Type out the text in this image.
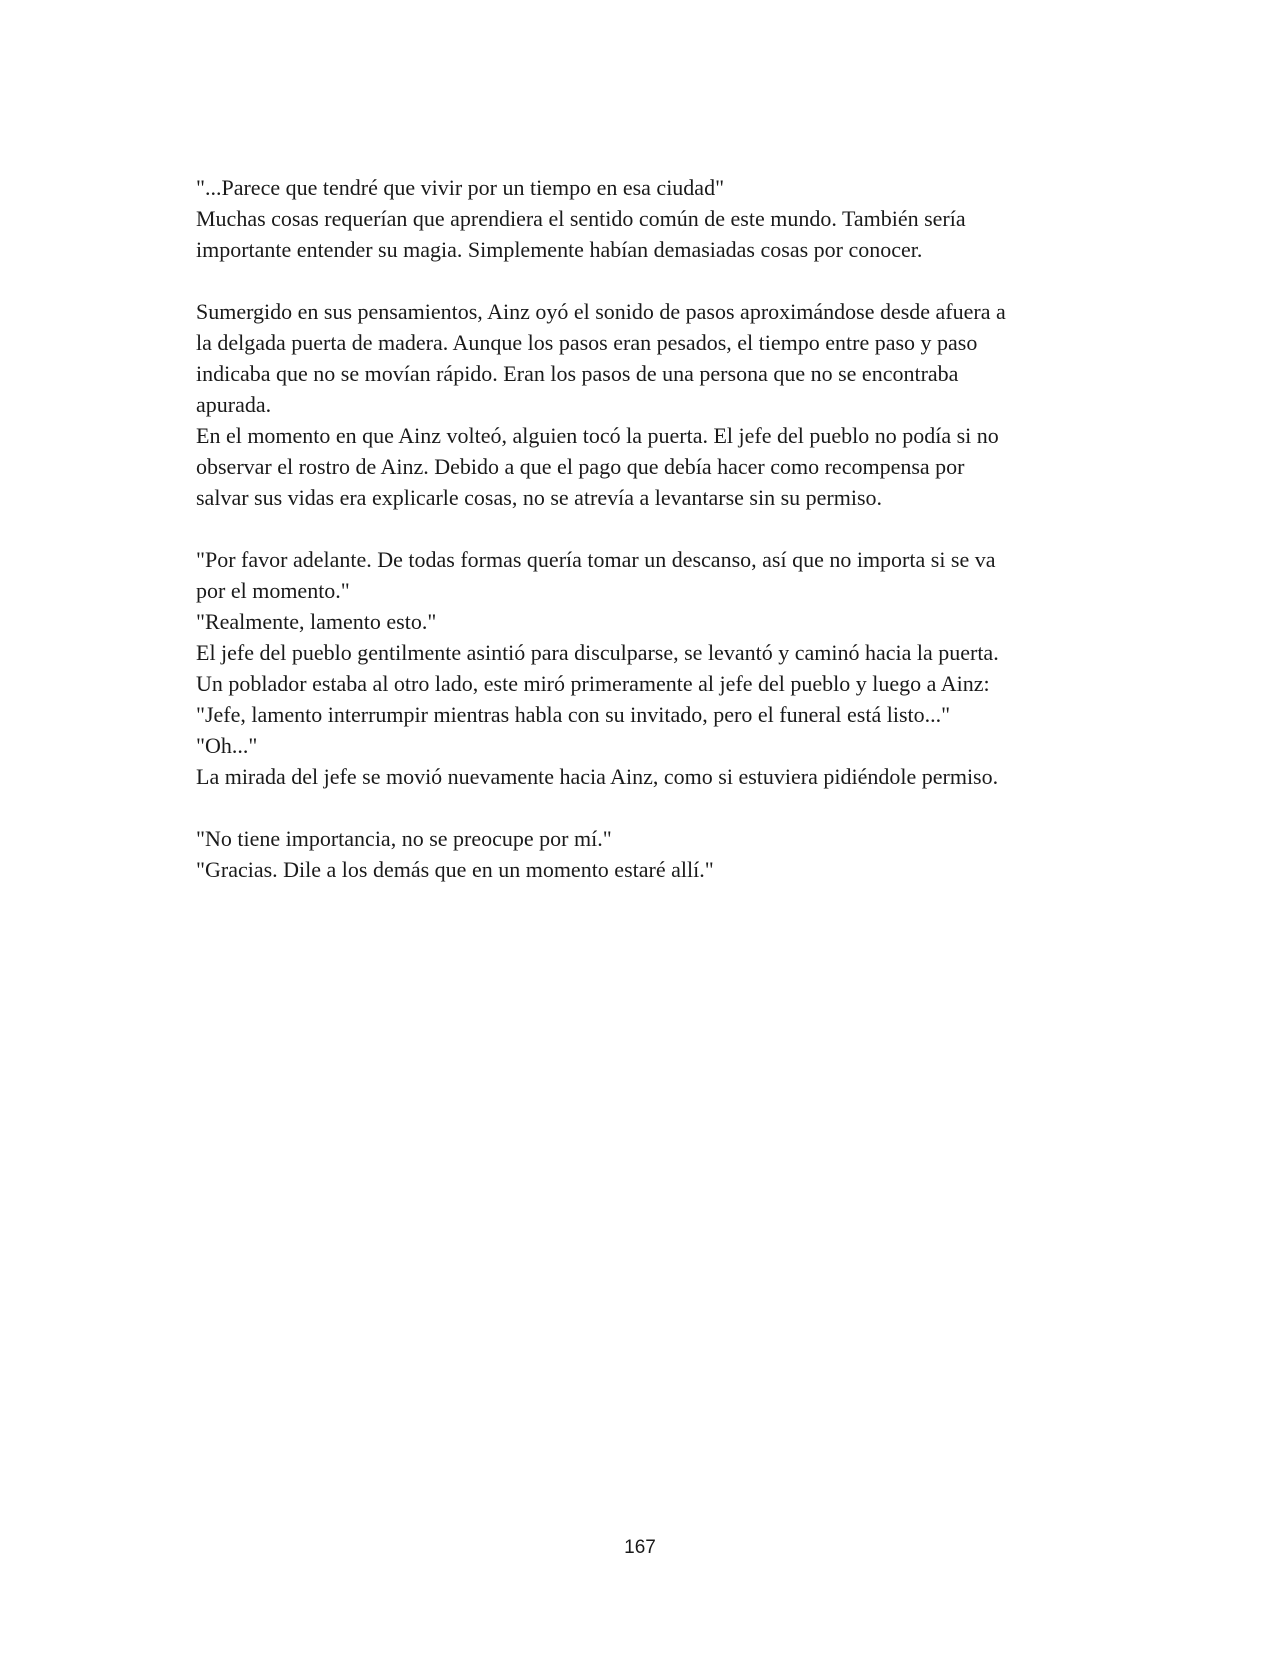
"...Parece que tendré que vivir por un tiempo en esa ciudad"
Muchas cosas requerían que aprendiera el sentido común de este mundo. También sería
importante entender su magia. Simplemente habían demasiadas cosas por conocer.
Sumergido en sus pensamientos, Ainz oyó el sonido de pasos aproximándose desde afuera a
la delgada puerta de madera. Aunque los pasos eran pesados, el tiempo entre paso y paso
indicaba que no se movían rápido. Eran los pasos de una persona que no se encontraba
apurada.
En el momento en que Ainz volteó, alguien tocó la puerta. El jefe del pueblo no podía si no
observar el rostro de Ainz. Debido a que el pago que debía hacer como recompensa por
salvar sus vidas era explicarle cosas, no se atrevía a levantarse sin su permiso.
"Por favor adelante. De todas formas quería tomar un descanso, así que no importa si se va
por el momento."
"Realmente, lamento esto."
El jefe del pueblo gentilmente asintió para disculparse, se levantó y caminó hacia la puerta.
Un poblador estaba al otro lado, este miró primeramente al jefe del pueblo y luego a Ainz:
"Jefe, lamento interrumpir mientras habla con su invitado, pero el funeral está listo..."
"Oh..."
La mirada del jefe se movió nuevamente hacia Ainz, como si estuviera pidiéndole permiso.
"No tiene importancia, no se preocupe por mí."
"Gracias. Dile a los demás que en un momento estaré allí."
167
